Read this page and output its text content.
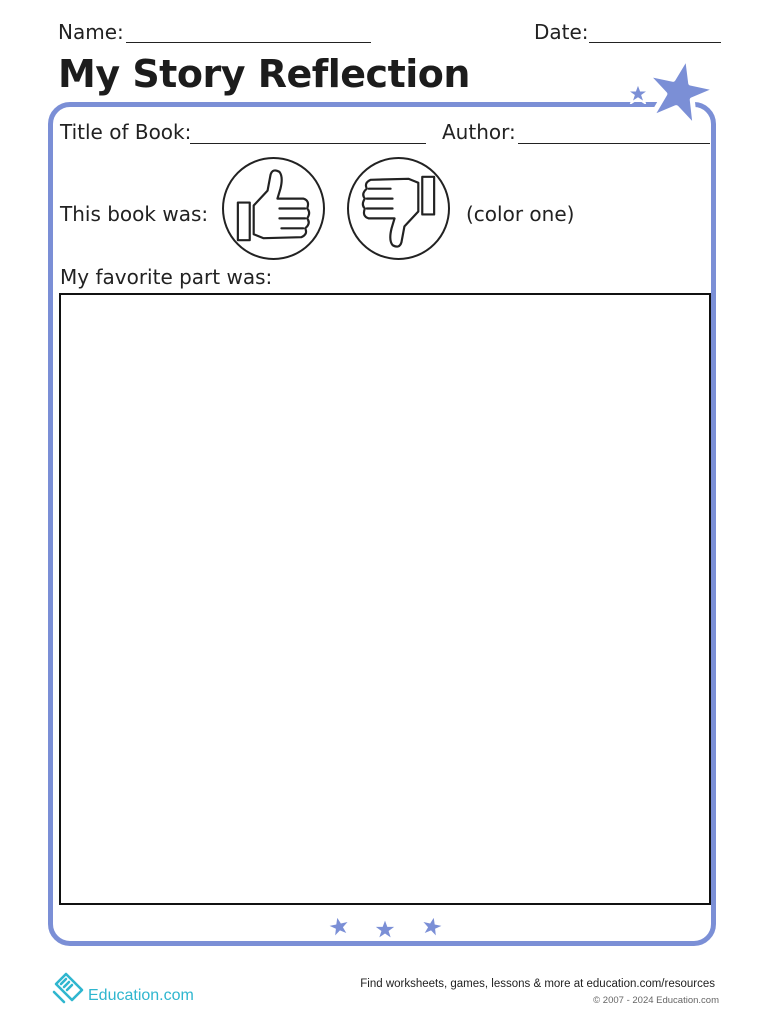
Name:	Date:
My Story Reflection
Title of Book:	Author:
This book was:	(color one)
My favorite part was:
Education.com
Find worksheets, games, lessons & more at education.com/resources
© 2007 - 2024 Education.com
